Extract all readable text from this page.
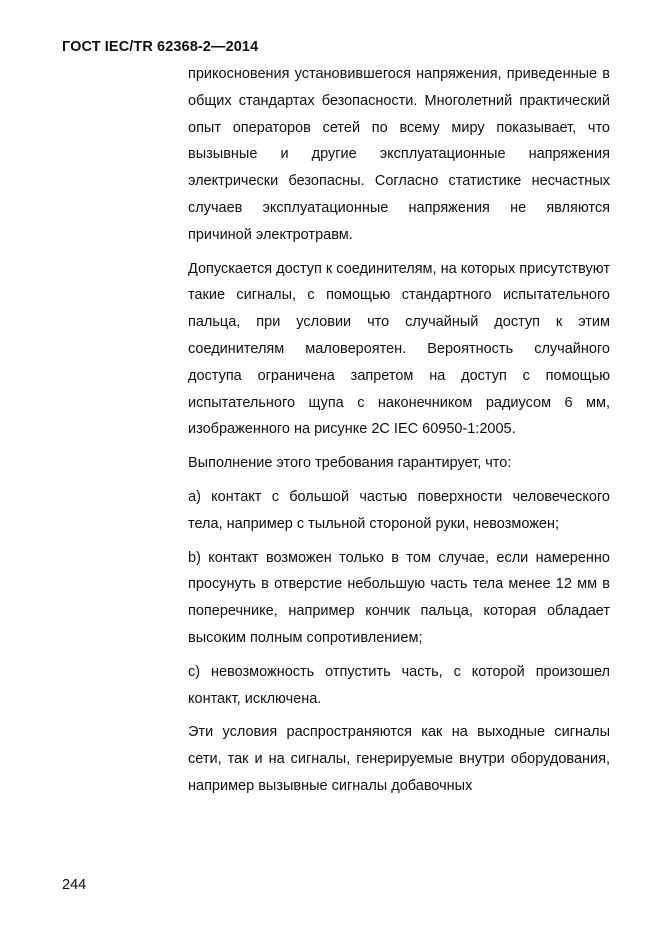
ГОСТ IEC/TR 62368-2—2014

прикосновения установившегося напряжения, приведенные в общих стандартах безопасности. Многолетний практический опыт операторов сетей по всему миру показывает, что вызывные и другие эксплуатационные напряжения электрически безопасны. Согласно статистике несчастных случаев эксплуатационные напряжения не являются причиной электротравм.

Допускается доступ к соединителям, на которых присутствуют такие сигналы, с помощью стандартного испытательного пальца, при условии что случайный доступ к этим соединителям маловероятен. Вероятность случайного доступа ограничена запретом на доступ с помощью испытательного щупа с наконечником радиусом 6 мм, изображенного на рисунке 2C IEC 60950-1:2005.

Выполнение этого требования гарантирует, что:

а) контакт с большой частью поверхности человеческого тела, например с тыльной стороной руки, невозможен;

b) контакт возможен только в том случае, если намеренно просунуть в отверстие небольшую часть тела менее 12 мм в поперечнике, например кончик пальца, которая обладает высоким полным сопротивлением;

с) невозможность отпустить часть, с которой произошел контакт, исключена.

Эти условия распространяются как на выходные сигналы сети, так и на сигналы, генерируемые внутри оборудования, например вызывные сигналы добавочных

244
